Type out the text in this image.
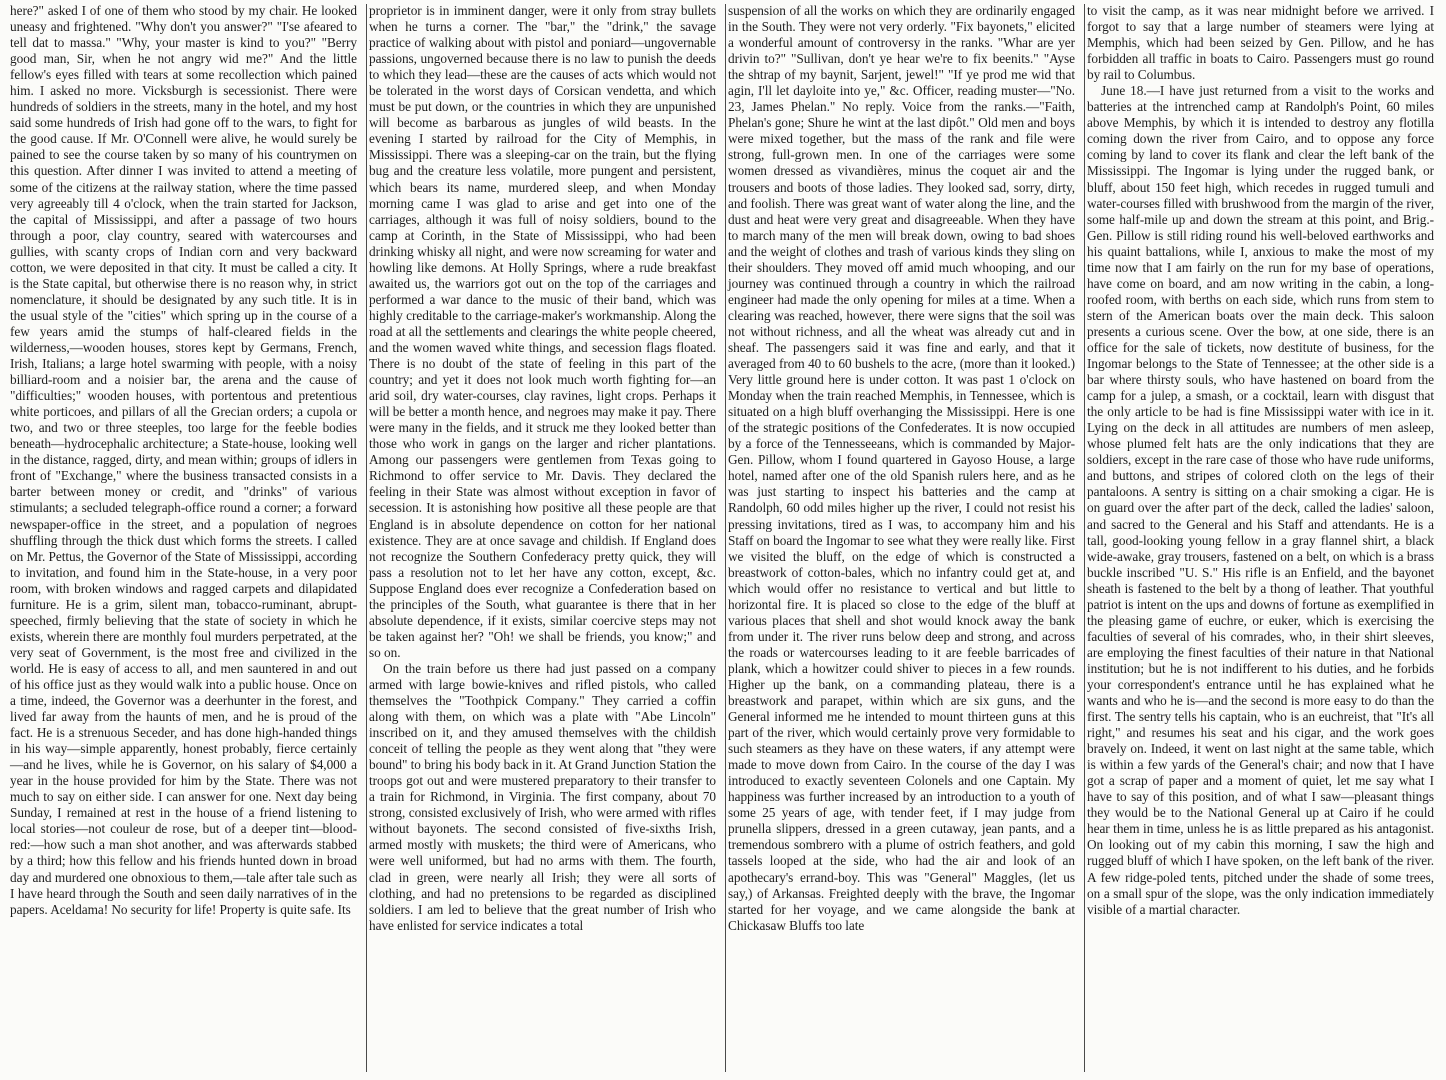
here?" asked I of one of them who stood by my chair. He looked uneasy and frightened. "Why don't you answer?" "I'se afeared to tell dat to massa." "Why, your master is kind to you?" "Berry good man, Sir, when he not angry wid me?" And the little fellow's eyes filled with tears at some recollection which pained him. I asked no more. Vicksburgh is secessionist. There were hundreds of soldiers in the streets, many in the hotel, and my host said some hundreds of Irish had gone off to the wars, to fight for the good cause. If Mr. O'Connell were alive, he would surely be pained to see the course taken by so many of his countrymen on this question. After dinner I was invited to attend a meeting of some of the citizens at the railway station, where the time passed very agreeably till 4 o'clock, when the train started for Jackson, the capital of Mississippi, and after a passage of two hours through a poor, clay country, seared with watercourses and gullies, with scanty crops of Indian corn and very backward cotton, we were deposited in that city. It must be called a city. It is the State capital, but otherwise there is no reason why, in strict nomenclature, it should be designated by any such title. It is in the usual style of the "cities" which spring up in the course of a few years amid the stumps of half-cleared fields in the wilderness,—wooden houses, stores kept by Germans, French, Irish, Italians; a large hotel swarming with people, with a noisy billiard-room and a noisier bar, the arena and the cause of "difficulties;" wooden houses, with portentous and pretentious white porticoes, and pillars of all the Grecian orders; a cupola or two, and two or three steeples, too large for the feeble bodies beneath—hydrocephalic architecture; a State-house, looking well in the distance, ragged, dirty, and mean within; groups of idlers in front of "Exchange," where the business transacted consists in a barter between money or credit, and "drinks" of various stimulants; a secluded telegraph-office round a corner; a forward newspaper-office in the street, and a population of negroes shuffling through the thick dust which forms the streets. I called on Mr. Pettus, the Governor of the State of Mississippi, according to invitation, and found him in the State-house, in a very poor room, with broken windows and ragged carpets and dilapidated furniture. He is a grim, silent man, tobacco-ruminant, abrupt-speeched, firmly believing that the state of society in which he exists, wherein there are monthly foul murders perpetrated, at the very seat of Government, is the most free and civilized in the world. He is easy of access to all, and men sauntered in and out of his office just as they would walk into a public house. Once on a time, indeed, the Governor was a deerhunter in the forest, and lived far away from the haunts of men, and he is proud of the fact. He is a strenuous Seceder, and has done high-handed things in his way—simple apparently, honest probably, fierce certainly—and he lives, while he is Governor, on his salary of $4,000 a year in the house provided for him by the State. There was not much to say on either side. I can answer for one. Next day being Sunday, I remained at rest in the house of a friend listening to local stories—not couleur de rose, but of a deeper tint—blood-red:—how such a man shot another, and was afterwards stabbed by a third; how this fellow and his friends hunted down in broad day and murdered one obnoxious to them,—tale after tale such as I have heard through the South and seen daily narratives of in the papers. Aceldama! No security for life! Property is quite safe. Its

proprietor is in imminent danger, were it only from stray bullets when he turns a corner. The "bar," the "drink," the savage practice of walking about with pistol and poniard—ungovernable passions, ungoverned because there is no law to punish the deeds to which they lead—these are the causes of acts which would not be tolerated in the worst days of Corsican vendetta, and which must be put down, or the countries in which they are unpunished will become as barbarous as jungles of wild beasts. In the evening I started by railroad for the City of Memphis, in Mississippi. There was a sleeping-car on the train, but the flying bug and the creature less volatile, more pungent and persistent, which bears its name, murdered sleep, and when Monday morning came I was glad to arise and get into one of the carriages, although it was full of noisy soldiers, bound to the camp at Corinth, in the State of Mississippi, who had been drinking whisky all night, and were now screaming for water and howling like demons. At Holly Springs, where a rude breakfast awaited us, the warriors got out on the top of the carriages and performed a war dance to the music of their band, which was highly creditable to the carriage-maker's workmanship. Along the road at all the settlements and clearings the white people cheered, and the women waved white things, and secession flags floated. There is no doubt of the state of feeling in this part of the country; and yet it does not look much worth fighting for—an arid soil, dry water-courses, clay ravines, light crops. Perhaps it will be better a month hence, and negroes may make it pay. There were many in the fields, and it struck me they looked better than those who work in gangs on the larger and richer plantations. Among our passengers were gentlemen from Texas going to Richmond to offer service to Mr. Davis. They declared the feeling in their State was almost without exception in favor of secession. It is astonishing how positive all these people are that England is in absolute dependence on cotton for her national existence. They are at once savage and childish. If England does not recognize the Southern Confederacy pretty quick, they will pass a resolution not to let her have any cotton, except, &c. Suppose England does ever recognize a Confederation based on the principles of the South, what guarantee is there that in her absolute dependence, if it exists, similar coercive steps may not be taken against her? "Oh! we shall be friends, you know;" and so on.

On the train before us there had just passed on a company armed with large bowie-knives and rifled pistols, who called themselves the "Toothpick Company." They carried a coffin along with them, on which was a plate with "Abe Lincoln" inscribed on it, and they amused themselves with the childish conceit of telling the people as they went along that "they were bound" to bring his body back in it. At Grand Junction Station the troops got out and were mustered preparatory to their transfer to a train for Richmond, in Virginia. The first company, about 70 strong, consisted exclusively of Irish, who were armed with rifles without bayonets. The second consisted of five-sixths Irish, armed mostly with muskets; the third were of Americans, who were well uniformed, but had no arms with them. The fourth, clad in green, were nearly all Irish; they were all sorts of clothing, and had no pretensions to be regarded as disciplined soldiers. I am led to believe that the great number of Irish who have enlisted for service indicates a total

suspension of all the works on which they are ordinarily engaged in the South. They were not very orderly. "Fix bayonets," elicited a wonderful amount of controversy in the ranks. "Whar are yer drivin to?" "Sullivan, don't ye hear we're to fix beenits." "Ayse the shtrap of my baynit, Sarjent, jewel!" "If ye prod me wid that agin, I'll let dayloite into ye," &c. Officer, reading muster—"No. 23, James Phelan." No reply. Voice from the ranks.—"Faith, Phelan's gone; Shure he wint at the last dipôt." Old men and boys were mixed together, but the mass of the rank and file were strong, full-grown men. In one of the carriages were some women dressed as vivandières, minus the coquet air and the trousers and boots of those ladies. They looked sad, sorry, dirty, and foolish. There was great want of water along the line, and the dust and heat were very great and disagreeable. When they have to march many of the men will break down, owing to bad shoes and the weight of clothes and trash of various kinds they sling on their shoulders. They moved off amid much whooping, and our journey was continued through a country in which the railroad engineer had made the only opening for miles at a time. When a clearing was reached, however, there were signs that the soil was not without richness, and all the wheat was already cut and in sheaf. The passengers said it was fine and early, and that it averaged from 40 to 60 bushels to the acre, (more than it looked.) Very little ground here is under cotton. It was past 1 o'clock on Monday when the train reached Memphis, in Tennessee, which is situated on a high bluff overhanging the Mississippi. Here is one of the strategic positions of the Confederates. It is now occupied by a force of the Tennesseeans, which is commanded by Major-Gen. Pillow, whom I found quartered in Gayoso House, a large hotel, named after one of the old Spanish rulers here, and as he was just starting to inspect his batteries and the camp at Randolph, 60 odd miles higher up the river, I could not resist his pressing invitations, tired as I was, to accompany him and his Staff on board the Ingomar to see what they were really like. First we visited the bluff, on the edge of which is constructed a breastwork of cotton-bales, which no infantry could get at, and which would offer no resistance to vertical and but little to horizontal fire. It is placed so close to the edge of the bluff at various places that shell and shot would knock away the bank from under it. The river runs below deep and strong, and across the roads or watercourses leading to it are feeble barricades of plank, which a howitzer could shiver to pieces in a few rounds. Higher up the bank, on a commanding plateau, there is a breastwork and parapet, within which are six guns, and the General informed me he intended to mount thirteen guns at this part of the river, which would certainly prove very formidable to such steamers as they have on these waters, if any attempt were made to move down from Cairo. In the course of the day I was introduced to exactly seventeen Colonels and one Captain. My happiness was further increased by an introduction to a youth of some 25 years of age, with tender feet, if I may judge from prunella slippers, dressed in a green cutaway, jean pants, and a tremendous sombrero with a plume of ostrich feathers, and gold tassels looped at the side, who had the air and look of an apothecary's errand-boy. This was "General" Maggles, (let us say,) of Arkansas. Freighted deeply with the brave, the Ingomar started for her voyage, and we came alongside the bank at Chickasaw Bluffs too late

to visit the camp, as it was near midnight before we arrived. I forgot to say that a large number of steamers were lying at Memphis, which had been seized by Gen. Pillow, and he has forbidden all traffic in boats to Cairo. Passengers must go round by rail to Columbus.

June 18.—I have just returned from a visit to the works and batteries at the intrenched camp at Randolph's Point, 60 miles above Memphis, by which it is intended to destroy any flotilla coming down the river from Cairo, and to oppose any force coming by land to cover its flank and clear the left bank of the Mississippi. The Ingomar is lying under the rugged bank, or bluff, about 150 feet high, which recedes in rugged tumuli and water-courses filled with brushwood from the margin of the river, some half-mile up and down the stream at this point, and Brig.-Gen. Pillow is still riding round his well-beloved earthworks and his quaint battalions, while I, anxious to make the most of my time now that I am fairly on the run for my base of operations, have come on board, and am now writing in the cabin, a long-roofed room, with berths on each side, which runs from stem to stern of the American boats over the main deck. This saloon presents a curious scene. Over the bow, at one side, there is an office for the sale of tickets, now destitute of business, for the Ingomar belongs to the State of Tennessee; at the other side is a bar where thirsty souls, who have hastened on board from the camp for a julep, a smash, or a cocktail, learn with disgust that the only article to be had is fine Mississippi water with ice in it. Lying on the deck in all attitudes are numbers of men asleep, whose plumed felt hats are the only indications that they are soldiers, except in the rare case of those who have rude uniforms, and buttons, and stripes of colored cloth on the legs of their pantaloons. A sentry is sitting on a chair smoking a cigar. He is on guard over the after part of the deck, called the ladies' saloon, and sacred to the General and his Staff and attendants. He is a tall, good-looking young fellow in a gray flannel shirt, a black wide-awake, gray trousers, fastened on a belt, on which is a brass buckle inscribed "U. S." His rifle is an Enfield, and the bayonet sheath is fastened to the belt by a thong of leather. That youthful patriot is intent on the ups and downs of fortune as exemplified in the pleasing game of euchre, or euker, which is exercising the faculties of several of his comrades, who, in their shirt sleeves, are employing the finest faculties of their nature in that National institution; but he is not indifferent to his duties, and he forbids your correspondent's entrance until he has explained what he wants and who he is—and the second is more easy to do than the first. The sentry tells his captain, who is an euchreist, that "It's all right," and resumes his seat and his cigar, and the work goes bravely on. Indeed, it went on last night at the same table, which is within a few yards of the General's chair; and now that I have got a scrap of paper and a moment of quiet, let me say what I have to say of this position, and of what I saw—pleasant things they would be to the National General up at Cairo if he could hear them in time, unless he is as little prepared as his antagonist. On looking out of my cabin this morning, I saw the high and rugged bluff of which I have spoken, on the left bank of the river. A few ridge-poled tents, pitched under the shade of some trees, on a small spur of the slope, was the only indication immediately visible of a martial character.
